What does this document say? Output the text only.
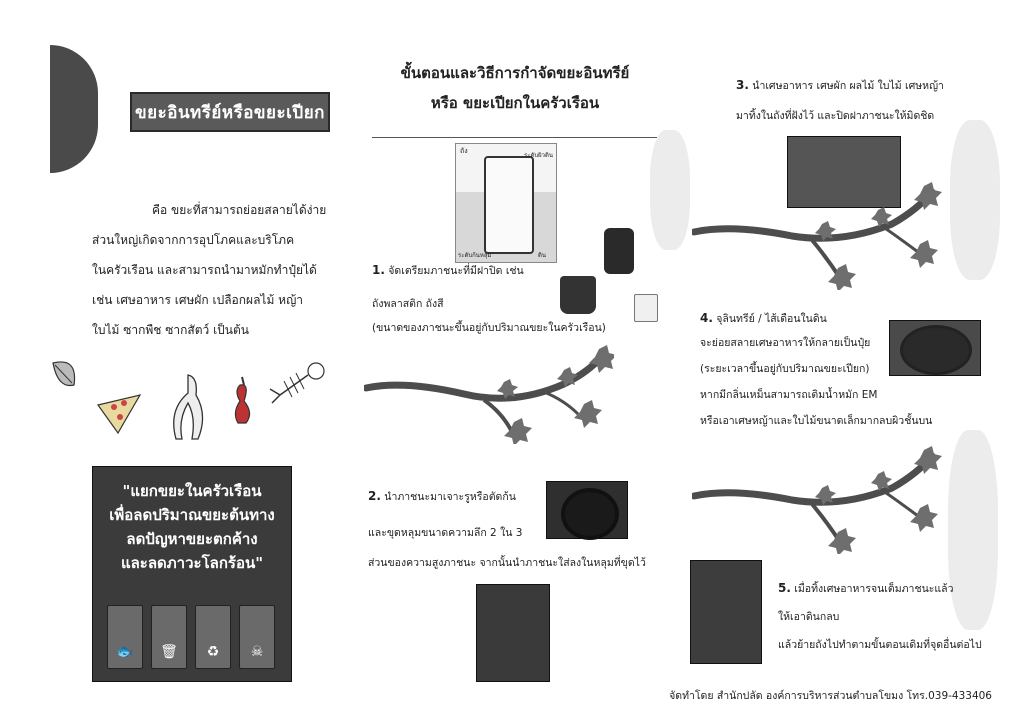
ขยะอินทรีย์หรือขยะเปียก

คือ ขยะที่สามารถย่อยสลายได้ง่าย

ส่วนใหญ่เกิดจากการอุปโภคและบริโภค

ในครัวเรือน และสามารถนำมาหมักทำปุ๋ยได้

เช่น เศษอาหาร เศษผัก เปลือกผลไม้ หญ้า

ใบไม้ ซากพืช ซากสัตว์ เป็นต้น

"แยกขยะในครัวเรือน

เพื่อลดปริมาณขยะต้นทาง

ลดปัญหาขยะตกค้าง

และลดภาวะโลกร้อน"

🐟	🗑	♻	☠
ขั้นตอนและวิธีการกำจัดขยะอินทรีย์
หรือ ขยะเปียกในครัวเรือน
ถัง
ระดับผิวดิน
ระดับก้นหลุม	ดิน

1. จัดเตรียมภาชนะที่มีฝาปิด เช่น

ถังพลาสติก ถังสี

(ขนาดของภาชนะขึ้นอยู่กับปริมาณขยะในครัวเรือน)

2. นำภาชนะมาเจาะรูหรือตัดก้น

และขุดหลุมขนาดความลึก 2 ใน 3

ส่วนของความสูงภาชนะ จากนั้นนำภาชนะใส่ลงในหลุมที่ขุดไว้

3. นำเศษอาหาร เศษผัก ผลไม้ ใบไม้ เศษหญ้า

มาทิ้งในถังที่ฝังไว้ และปิดฝาภาชนะให้มิดชิด

4. จุลินทรีย์ / ไส้เดือนในดิน

จะย่อยสลายเศษอาหารให้กลายเป็นปุ๋ย

(ระยะเวลาขึ้นอยู่กับปริมาณขยะเปียก)

หากมีกลิ่นเหม็นสามารถเติมน้ำหมัก EM

หรือเอาเศษหญ้าและใบไม้ขนาดเล็กมากลบผิวชั้นบน

5. เมื่อทิ้งเศษอาหารจนเต็มภาชนะแล้ว

ให้เอาดินกลบ

แล้วย้ายถังไปทำตามขั้นตอนเดิมที่จุดอื่นต่อไป

จัดทำโดย สำนักปลัด องค์การบริหารส่วนตำบลโขมง โทร.039-433406
